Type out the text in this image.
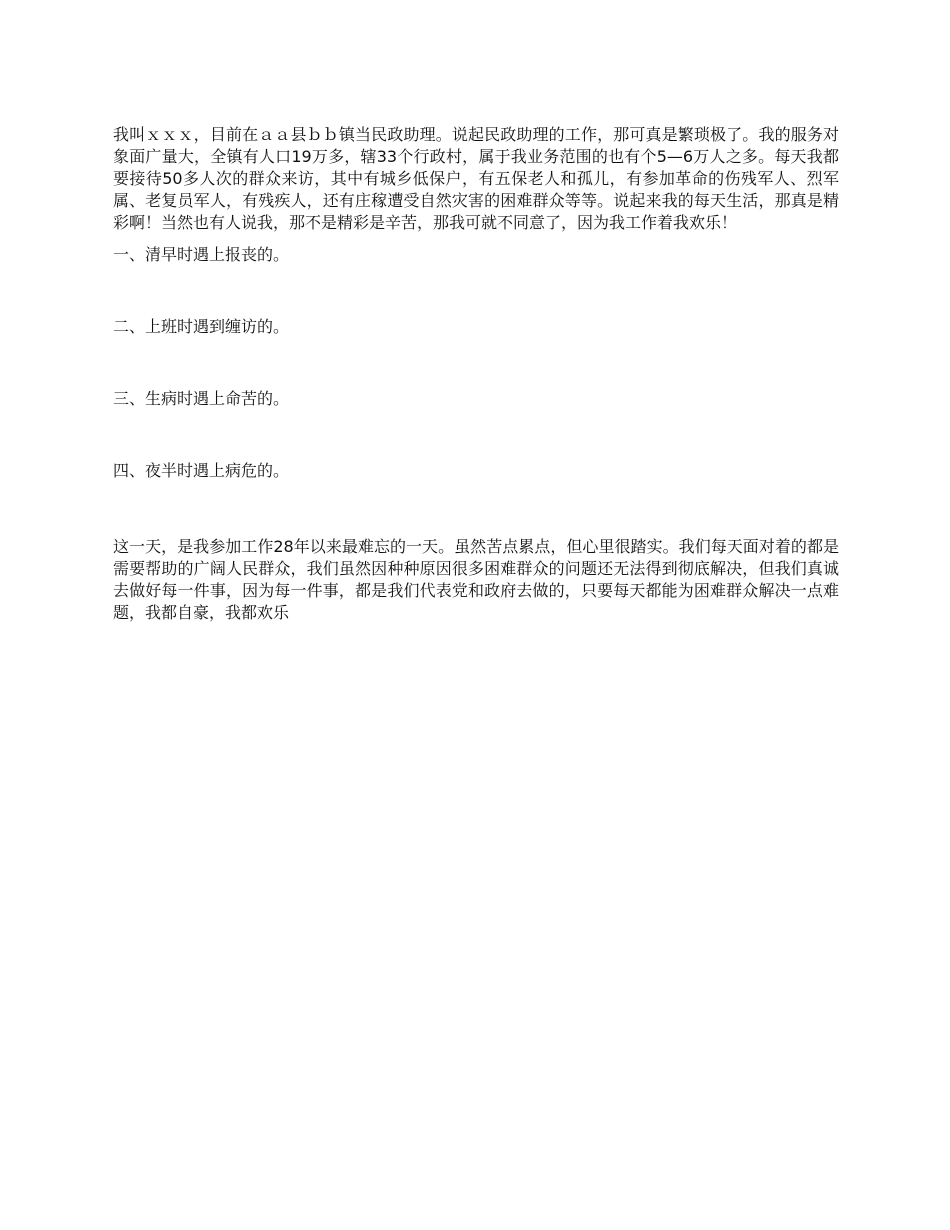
我叫ｘｘｘ，目前在ａａ县ｂｂ镇当民政助理。说起民政助理的工作，那可真是繁琐极了。我的服务对象面广量大，全镇有人口19万多，辖33个行政村，属于我业务范围的也有个5—6万人之多。每天我都要接待50多人次的群众来访，其中有城乡低保户，有五保老人和孤儿，有参加革命的伤残军人、烈军属、老复员军人，有残疾人，还有庄稼遭受自然灾害的困难群众等等。说起来我的每天生活，那真是精彩啊！当然也有人说我，那不是精彩是辛苦，那我可就不同意了，因为我工作着我欢乐！

一、清早时遇上报丧的。

二、上班时遇到缠访的。

三、生病时遇上命苦的。

四、夜半时遇上病危的。

这一天，是我参加工作28年以来最难忘的一天。虽然苦点累点，但心里很踏实。我们每天面对着的都是需要帮助的广阔人民群众，我们虽然因种种原因很多困难群众的问题还无法得到彻底解决，但我们真诚去做好每一件事，因为每一件事，都是我们代表党和政府去做的，只要每天都能为困难群众解决一点难题，我都自豪，我都欢乐
